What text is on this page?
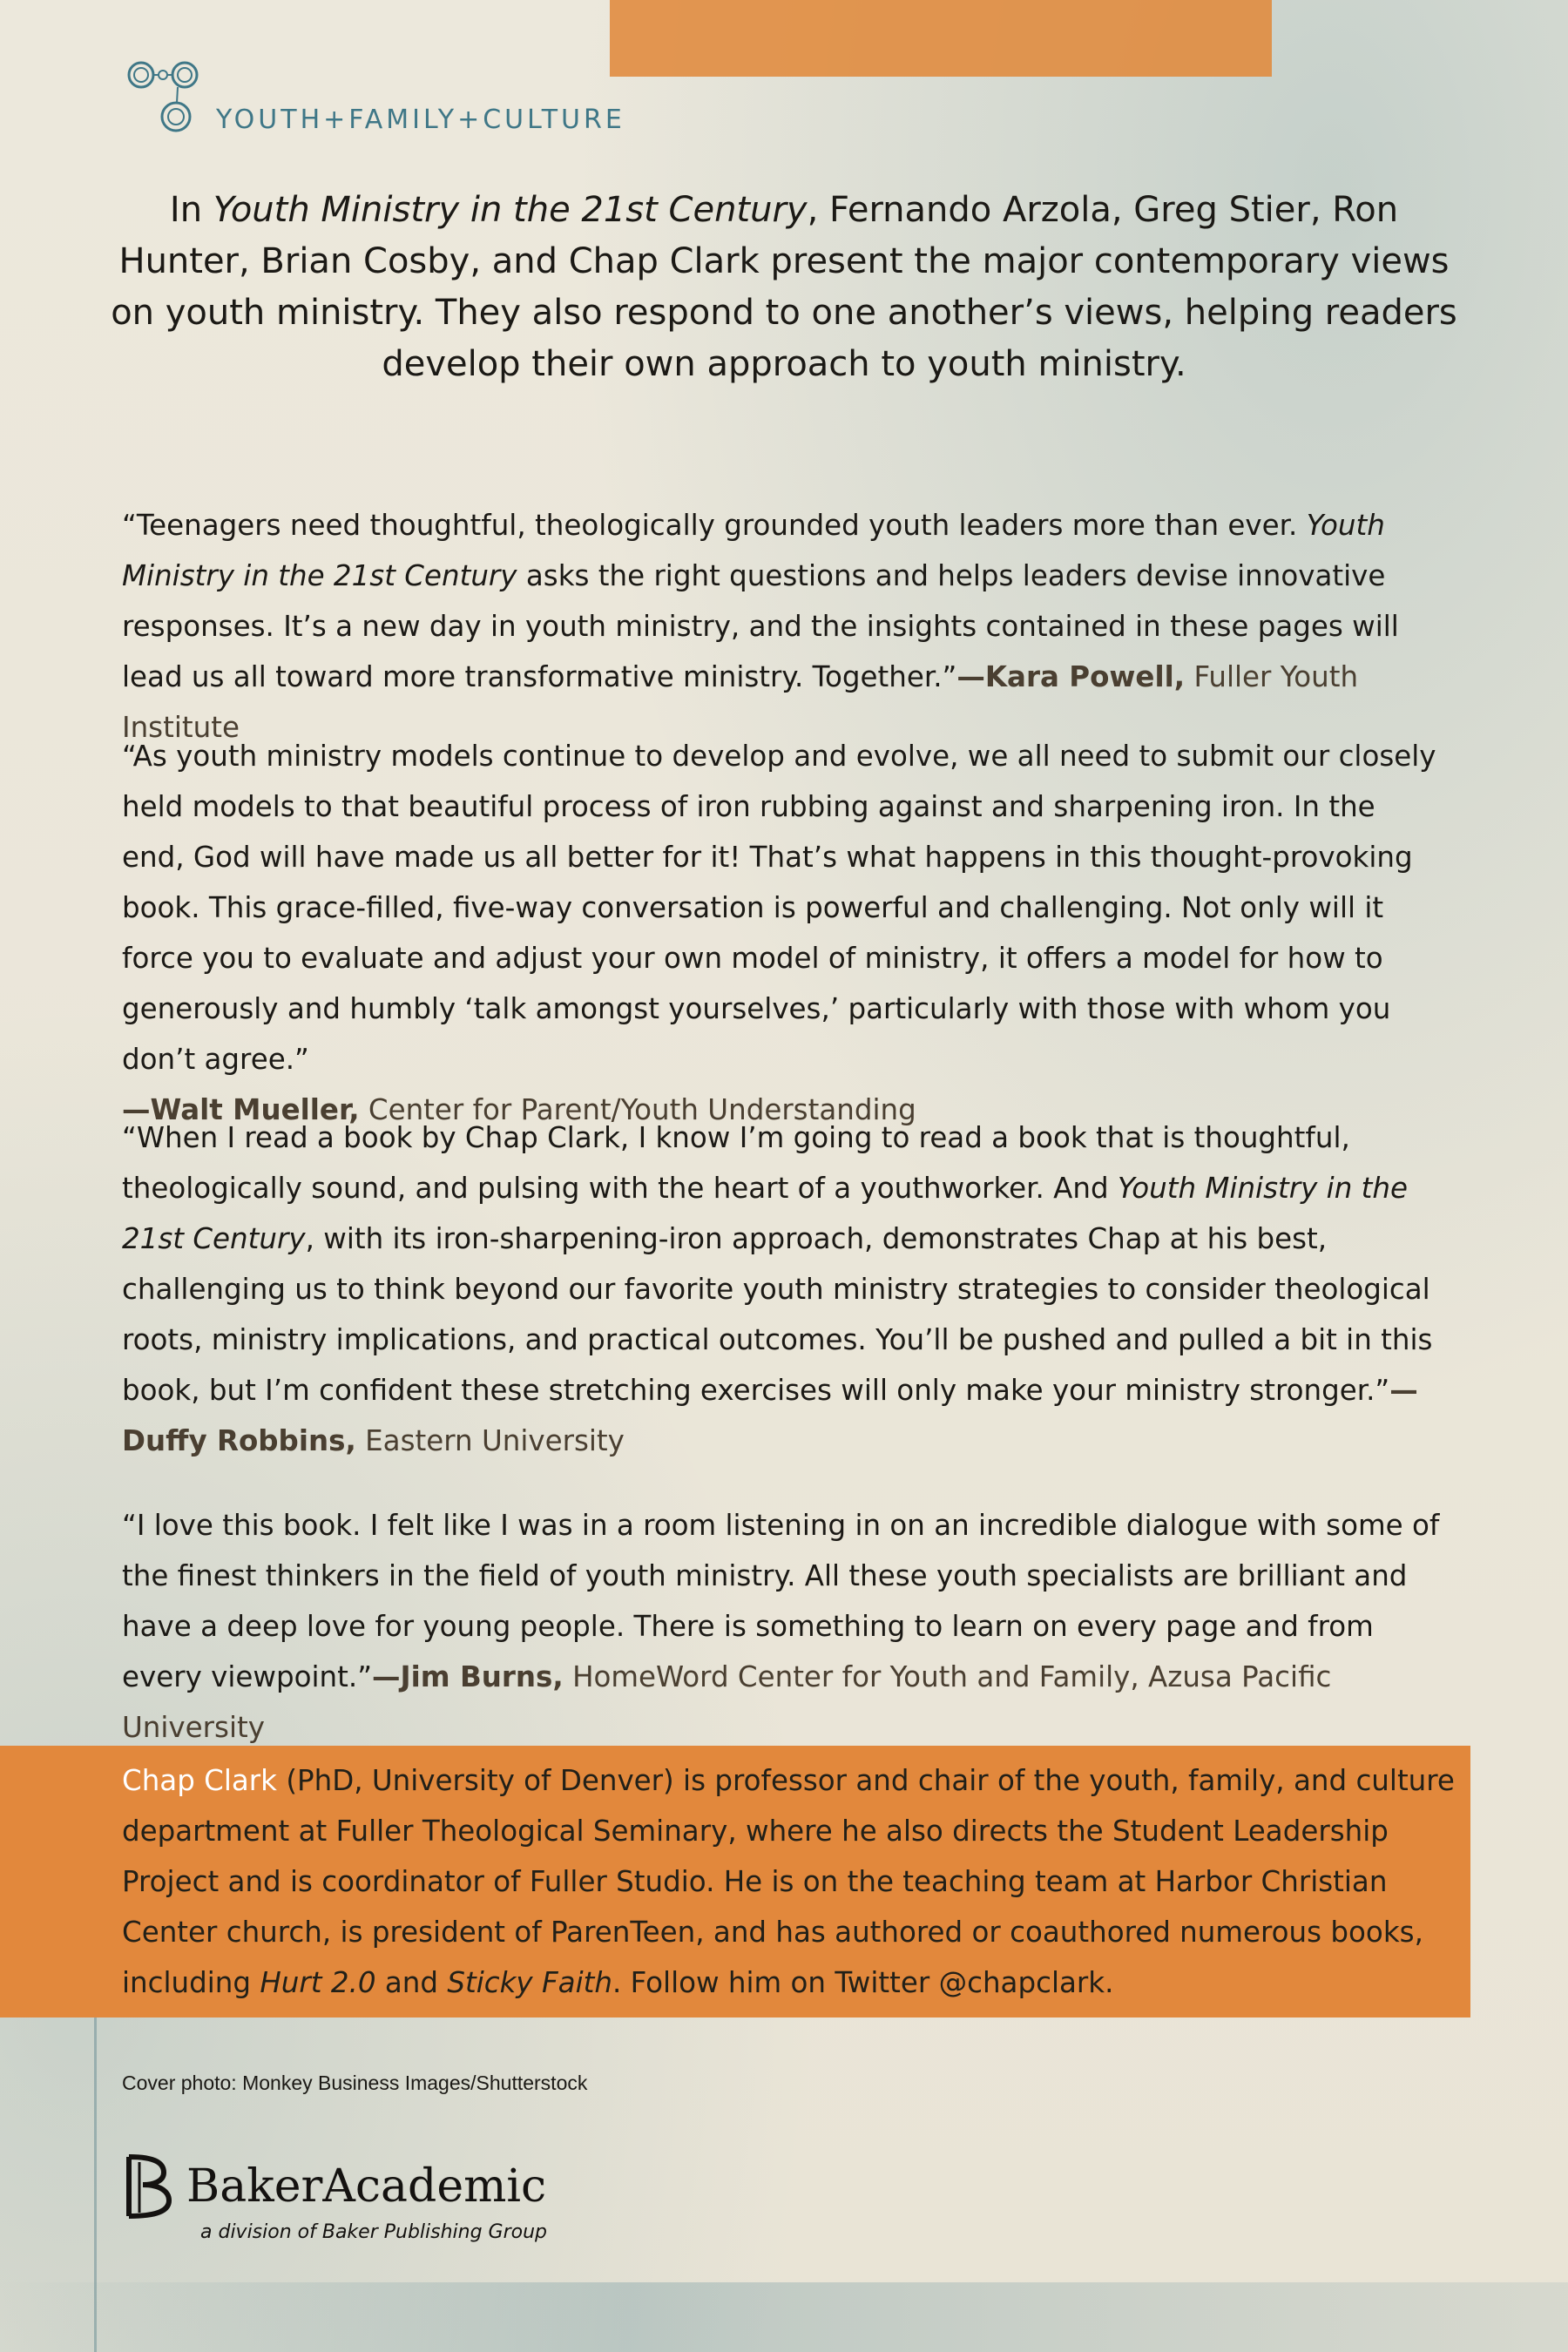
YOUTH+FAMILY+CULTURE
In Youth Ministry in the 21st Century, Fernando Arzola, Greg Stier, Ron Hunter, Brian Cosby, and Chap Clark present the major contemporary views on youth ministry. They also respond to one another’s views, helping readers develop their own approach to youth ministry.
“Teenagers need thoughtful, theologically grounded youth leaders more than ever. Youth Ministry in the 21st Century asks the right questions and helps leaders devise innovative responses. It’s a new day in youth ministry, and the insights contained in these pages will lead us all toward more transformative ministry. Together.”—Kara Powell, Fuller Youth Institute
“As youth ministry models continue to develop and evolve, we all need to submit our closely held models to that beautiful process of iron rubbing against and sharpening iron. In the end, God will have made us all better for it! That’s what happens in this thought-provoking book. This grace-filled, five-way conversation is powerful and challenging. Not only will it force you to evaluate and adjust your own model of ministry, it offers a model for how to generously and humbly ‘talk amongst yourselves,’ particularly with those with whom you don’t agree.”
—Walt Mueller, Center for Parent/Youth Understanding
“When I read a book by Chap Clark, I know I’m going to read a book that is thoughtful, theologically sound, and pulsing with the heart of a youthworker. And Youth Ministry in the 21st Century, with its iron-sharpening-iron approach, demonstrates Chap at his best, challenging us to think beyond our favorite youth ministry strategies to consider theological roots, ministry implications, and practical outcomes. You’ll be pushed and pulled a bit in this book, but I’m confident these stretching exercises will only make your ministry stronger.”—Duffy Robbins, Eastern University
“I love this book. I felt like I was in a room listening in on an incredible dialogue with some of the finest thinkers in the field of youth ministry. All these youth specialists are brilliant and have a deep love for young people. There is something to learn on every page and from every viewpoint.”—Jim Burns, HomeWord Center for Youth and Family, Azusa Pacific University
Chap Clark (PhD, University of Denver) is professor and chair of the youth, family, and culture department at Fuller Theological Seminary, where he also directs the Student Leadership Project and is coordinator of Fuller Studio. He is on the teaching team at Harbor Christian Center church, is president of ParenTeen, and has authored or coauthored numerous books, including Hurt 2.0 and Sticky Faith. Follow him on Twitter @chapclark.
Cover photo: Monkey Business Images/Shutterstock
BakerAcademic
a division of Baker Publishing Group
